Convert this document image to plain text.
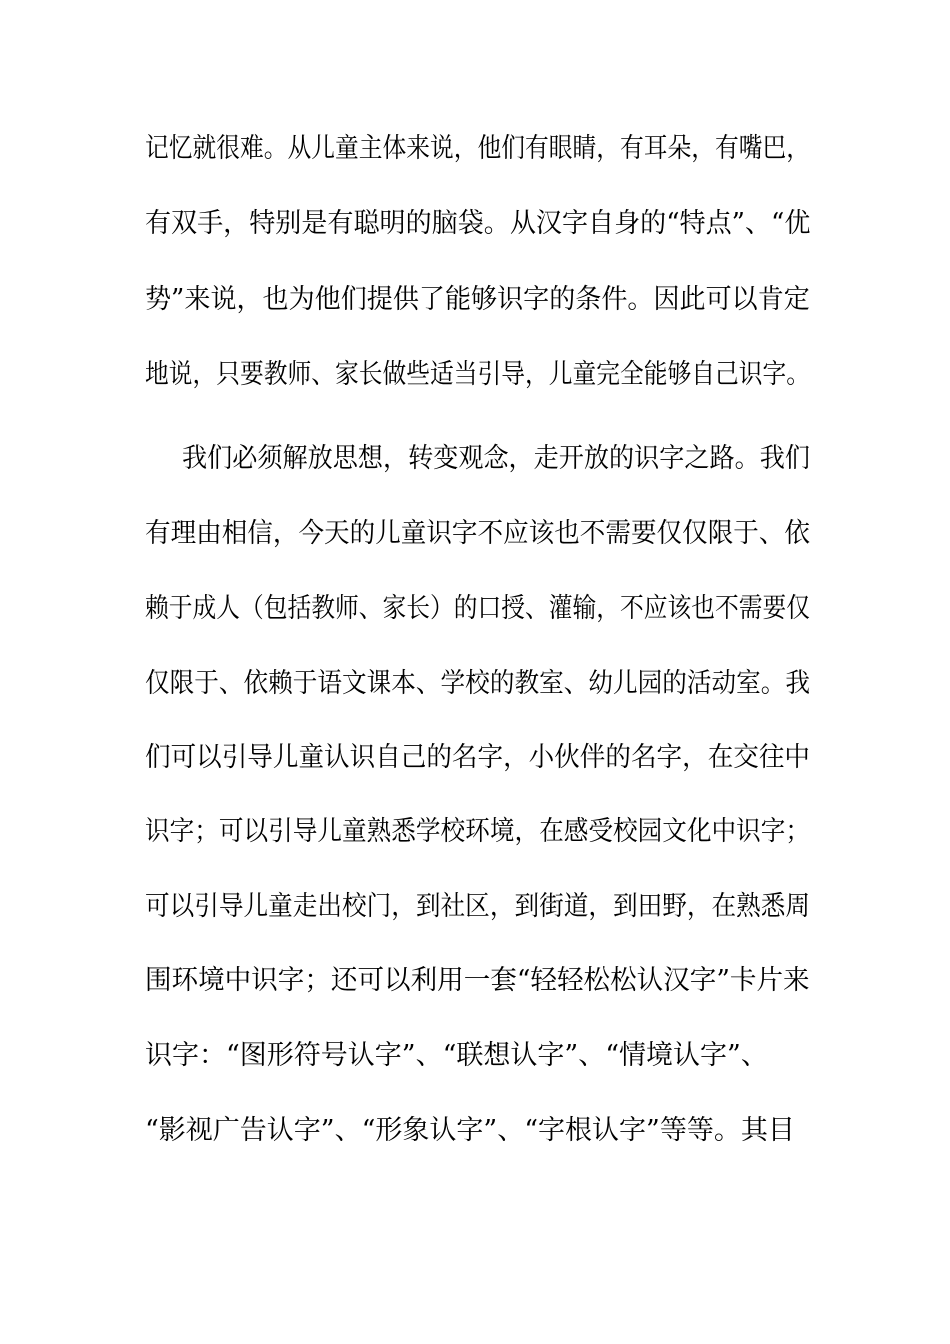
记忆就很难。从儿童主体来说，他们有眼睛，有耳朵，有嘴巴，
有双手，特别是有聪明的脑袋。从汉字自身的“特点”、“优
势”来说，也为他们提供了能够识字的条件。因此可以肯定
地说，只要教师、家长做些适当引导，儿童完全能够自己识字。
我们必须解放思想，转变观念，走开放的识字之路。我们
有理由相信，今天的儿童识字不应该也不需要仅仅限于、依
赖于成人（包括教师、家长）的口授、灌输，不应该也不需要仅
仅限于、依赖于语文课本、学校的教室、幼儿园的活动室。我
们可以引导儿童认识自己的名字，小伙伴的名字，在交往中
识字；可以引导儿童熟悉学校环境，在感受校园文化中识字；
可以引导儿童走出校门，到社区，到街道，到田野，在熟悉周
围环境中识字；还可以利用一套“轻轻松松认汉字”卡片来
识字：“图形符号认字”、“联想认字”、“情境认字”、
“影视广告认字”、“形象认字”、“字根认字”等等。其目
